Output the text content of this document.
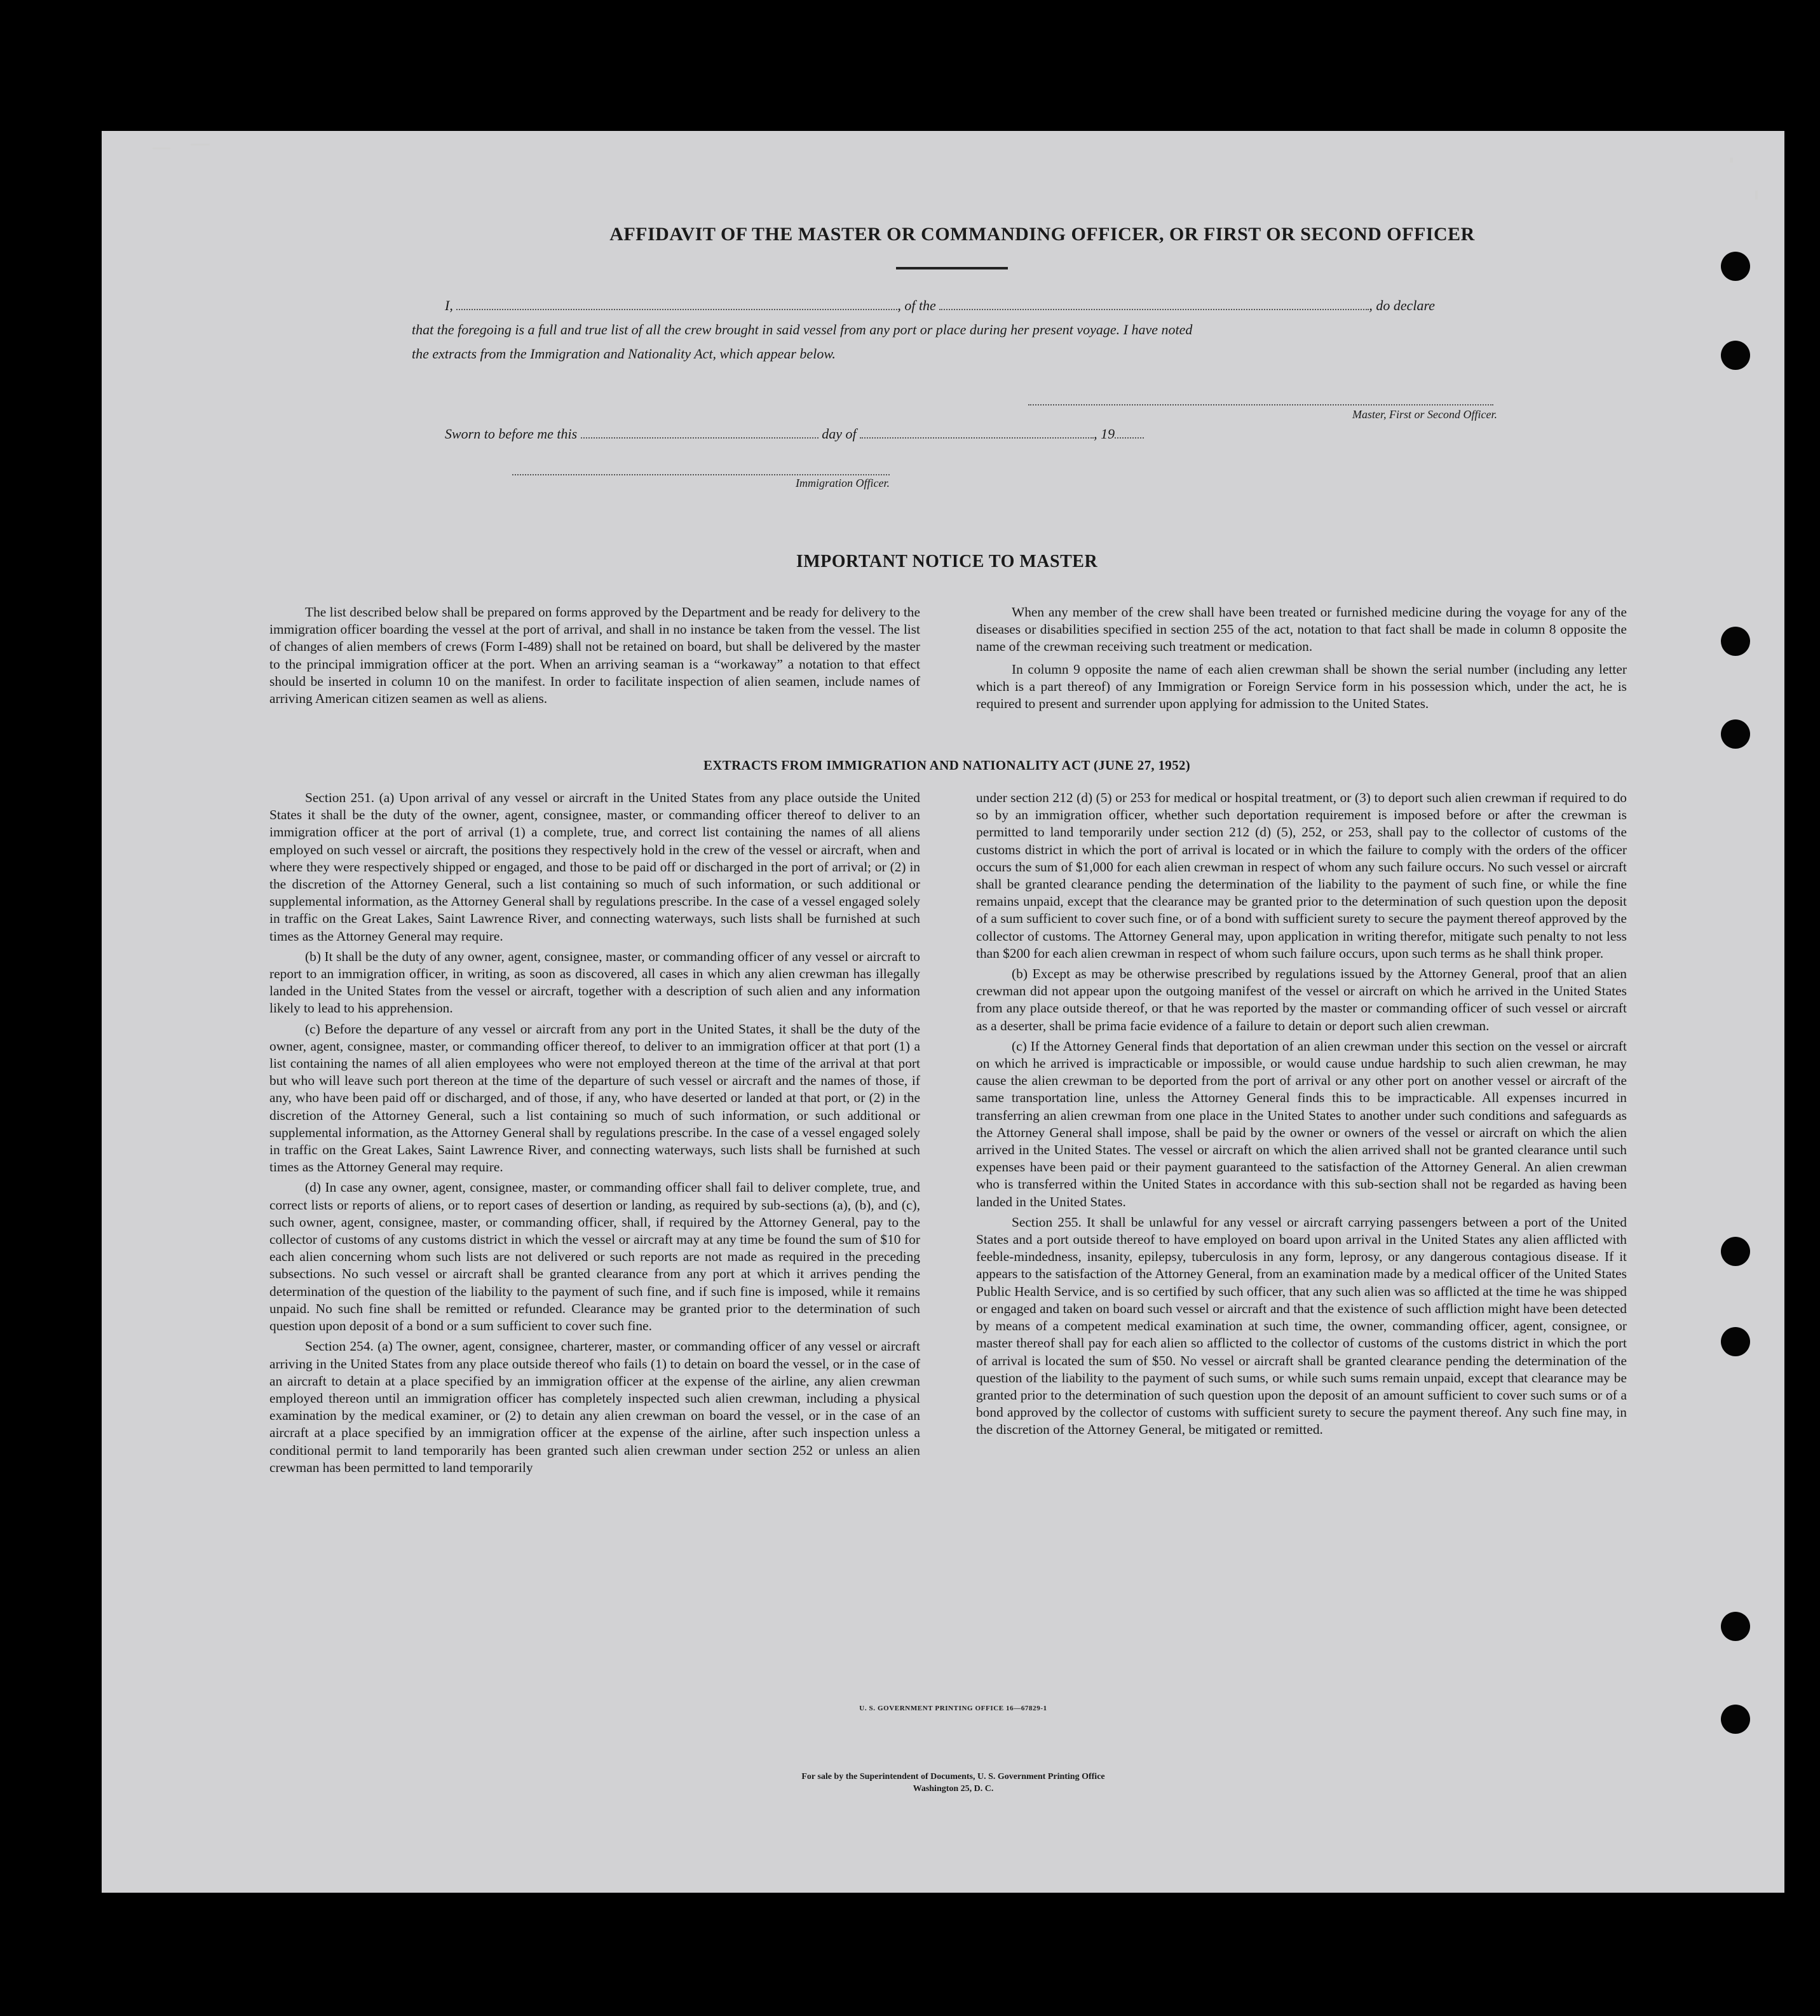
AFFIDAVIT OF THE MASTER OR COMMANDING OFFICER, OR FIRST OR SECOND OFFICER
I,	, of the	, do declare
that the foregoing is a full and true list of all the crew brought in said vessel from any port or place during her present voyage. I have noted
the extracts from the Immigration and Nationality Act, which appear below.
Master, First or Second Officer.
Sworn to before me this	day of	, 19
Immigration Officer.
IMPORTANT NOTICE TO MASTER

The list described below shall be prepared on forms approved by the Department and be ready for delivery to the immigration officer boarding the vessel at the port of arrival, and shall in no instance be taken from the vessel. The list of changes of alien members of crews (Form I-489) shall not be retained on board, but shall be delivered by the master to the principal immigration officer at the port. When an arriving seaman is a “workaway” a notation to that effect should be inserted in column 10 on the manifest. In order to facilitate inspection of alien seamen, include names of arriving American citizen seamen as well as aliens.

When any member of the crew shall have been treated or furnished medicine during the voyage for any of the diseases or disabilities specified in section 255 of the act, notation to that fact shall be made in column 8 opposite the name of the crewman receiving such treatment or medication.

In column 9 opposite the name of each alien crewman shall be shown the serial number (including any letter which is a part thereof) of any Immigration or Foreign Service form in his possession which, under the act, he is required to present and surrender upon applying for admission to the United States.

EXTRACTS FROM IMMIGRATION AND NATIONALITY ACT (JUNE 27, 1952)

Section 251. (a) Upon arrival of any vessel or aircraft in the United States from any place outside the United States it shall be the duty of the owner, agent, consignee, master, or commanding officer thereof to deliver to an immigration officer at the port of arrival (1) a complete, true, and correct list containing the names of all aliens employed on such vessel or aircraft, the positions they respectively hold in the crew of the vessel or aircraft, when and where they were respectively shipped or engaged, and those to be paid off or discharged in the port of arrival; or (2) in the discretion of the Attorney General, such a list containing so much of such information, or such additional or supplemental information, as the Attorney General shall by regulations prescribe. In the case of a vessel engaged solely in traffic on the Great Lakes, Saint Lawrence River, and connecting waterways, such lists shall be furnished at such times as the Attorney General may require.

(b) It shall be the duty of any owner, agent, consignee, master, or commanding officer of any vessel or aircraft to report to an immigration officer, in writing, as soon as discovered, all cases in which any alien crewman has illegally landed in the United States from the vessel or aircraft, together with a description of such alien and any information likely to lead to his apprehension.

(c) Before the departure of any vessel or aircraft from any port in the United States, it shall be the duty of the owner, agent, consignee, master, or commanding officer thereof, to deliver to an immigration officer at that port (1) a list containing the names of all alien employees who were not employed thereon at the time of the arrival at that port but who will leave such port thereon at the time of the departure of such vessel or aircraft and the names of those, if any, who have been paid off or discharged, and of those, if any, who have deserted or landed at that port, or (2) in the discretion of the Attorney General, such a list containing so much of such information, or such additional or supplemental information, as the Attorney General shall by regulations prescribe. In the case of a vessel engaged solely in traffic on the Great Lakes, Saint Lawrence River, and connecting waterways, such lists shall be furnished at such times as the Attorney General may require.

(d) In case any owner, agent, consignee, master, or commanding officer shall fail to deliver complete, true, and correct lists or reports of aliens, or to report cases of desertion or landing, as required by sub-sections (a), (b), and (c), such owner, agent, consignee, master, or commanding officer, shall, if required by the Attorney General, pay to the collector of customs of any customs district in which the vessel or aircraft may at any time be found the sum of $10 for each alien concerning whom such lists are not delivered or such reports are not made as required in the preceding subsections. No such vessel or aircraft shall be granted clearance from any port at which it arrives pending the determination of the question of the liability to the payment of such fine, and if such fine is imposed, while it remains unpaid. No such fine shall be remitted or refunded. Clearance may be granted prior to the determination of such question upon deposit of a bond or a sum sufficient to cover such fine.

Section 254. (a) The owner, agent, consignee, charterer, master, or commanding officer of any vessel or aircraft arriving in the United States from any place outside thereof who fails (1) to detain on board the vessel, or in the case of an aircraft to detain at a place specified by an immigration officer at the expense of the airline, any alien crewman employed thereon until an immigration officer has completely inspected such alien crewman, including a physical examination by the medical examiner, or (2) to detain any alien crewman on board the vessel, or in the case of an aircraft at a place specified by an immigration officer at the expense of the airline, after such inspection unless a conditional permit to land temporarily has been granted such alien crewman under section 252 or unless an alien crewman has been permitted to land temporarily

under section 212 (d) (5) or 253 for medical or hospital treatment, or (3) to deport such alien crewman if required to do so by an immigration officer, whether such deportation requirement is imposed before or after the crewman is permitted to land temporarily under section 212 (d) (5), 252, or 253, shall pay to the collector of customs of the customs district in which the port of arrival is located or in which the failure to comply with the orders of the officer occurs the sum of $1,000 for each alien crewman in respect of whom any such failure occurs. No such vessel or aircraft shall be granted clearance pending the determination of the liability to the payment of such fine, or while the fine remains unpaid, except that the clearance may be granted prior to the determination of such question upon the deposit of a sum sufficient to cover such fine, or of a bond with sufficient surety to secure the payment thereof approved by the collector of customs. The Attorney General may, upon application in writing therefor, mitigate such penalty to not less than $200 for each alien crewman in respect of whom such failure occurs, upon such terms as he shall think proper.

(b) Except as may be otherwise prescribed by regulations issued by the Attorney General, proof that an alien crewman did not appear upon the outgoing manifest of the vessel or aircraft on which he arrived in the United States from any place outside thereof, or that he was reported by the master or commanding officer of such vessel or aircraft as a deserter, shall be prima facie evidence of a failure to detain or deport such alien crewman.

(c) If the Attorney General finds that deportation of an alien crewman under this section on the vessel or aircraft on which he arrived is impracticable or impossible, or would cause undue hardship to such alien crewman, he may cause the alien crewman to be deported from the port of arrival or any other port on another vessel or aircraft of the same transportation line, unless the Attorney General finds this to be impracticable. All expenses incurred in transferring an alien crewman from one place in the United States to another under such conditions and safeguards as the Attorney General shall impose, shall be paid by the owner or owners of the vessel or aircraft on which the alien arrived in the United States. The vessel or aircraft on which the alien arrived shall not be granted clearance until such expenses have been paid or their payment guaranteed to the satisfaction of the Attorney General. An alien crewman who is transferred within the United States in accordance with this sub-section shall not be regarded as having been landed in the United States.

Section 255. It shall be unlawful for any vessel or aircraft carrying passengers between a port of the United States and a port outside thereof to have employed on board upon arrival in the United States any alien afflicted with feeble-mindedness, insanity, epilepsy, tuberculosis in any form, leprosy, or any dangerous contagious disease. If it appears to the satisfaction of the Attorney General, from an examination made by a medical officer of the United States Public Health Service, and is so certified by such officer, that any such alien was so afflicted at the time he was shipped or engaged and taken on board such vessel or aircraft and that the existence of such affliction might have been detected by means of a competent medical examination at such time, the owner, commanding officer, agent, consignee, or master thereof shall pay for each alien so afflicted to the collector of customs of the customs district in which the port of arrival is located the sum of $50. No vessel or aircraft shall be granted clearance pending the determination of the question of the liability to the payment of such sums, or while such sums remain unpaid, except that clearance may be granted prior to the determination of such question upon the deposit of an amount sufficient to cover such sums or of a bond approved by the collector of customs with sufficient surety to secure the payment thereof. Any such fine may, in the discretion of the Attorney General, be mitigated or remitted.

U. S. GOVERNMENT PRINTING OFFICE 16—67829-1
For sale by the Superintendent of Documents, U. S. Government Printing Office
Washington 25, D. C.
